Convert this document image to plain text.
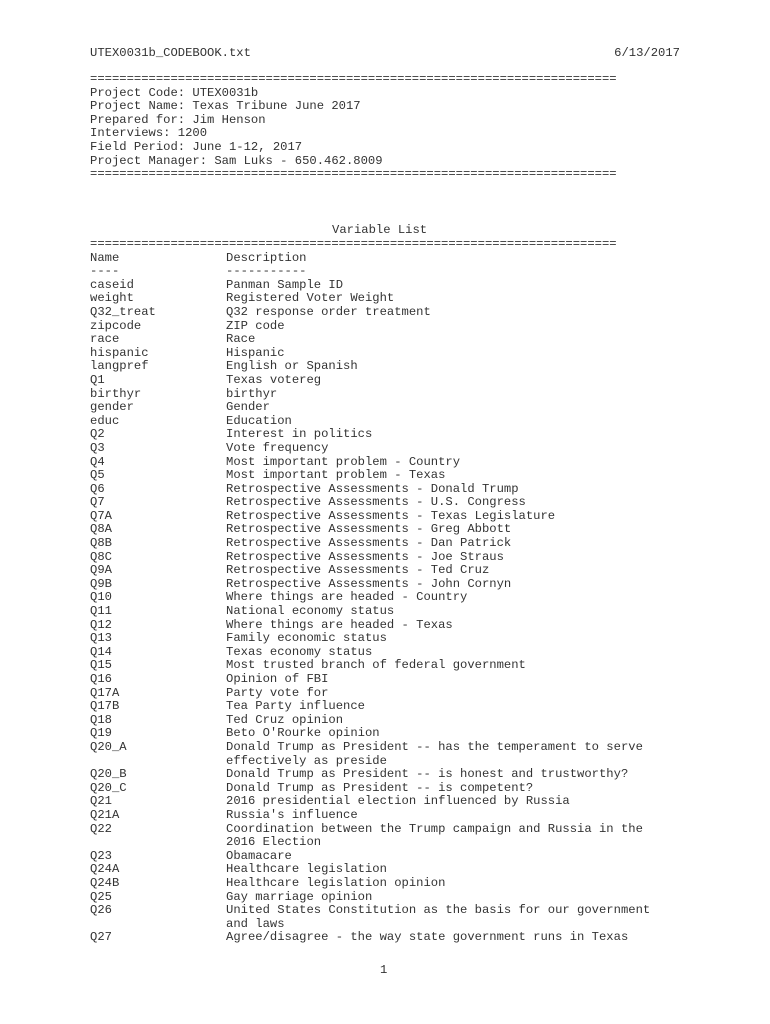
UTEX0031b_CODEBOOK.txt	6/13/2017
========================================================================
Project Code: UTEX0031b
Project Name: Texas Tribune June 2017
Prepared for: Jim Henson
Interviews: 1200
Field Period: June 1-12, 2017
Project Manager: Sam Luks - 650.462.8009
========================================================================
Variable List
========================================================================
Name	Description
----	-----------
caseid	Panman Sample ID
weight	Registered Voter Weight
Q32_treat	Q32 response order treatment
zipcode	ZIP code
race	Race
hispanic	Hispanic
langpref	English or Spanish
Q1	Texas votereg
birthyr	birthyr
gender	Gender
educ	Education
Q2	Interest in politics
Q3	Vote frequency
Q4	Most important problem - Country
Q5	Most important problem - Texas
Q6	Retrospective Assessments - Donald Trump
Q7	Retrospective Assessments - U.S. Congress
Q7A	Retrospective Assessments - Texas Legislature
Q8A	Retrospective Assessments - Greg Abbott
Q8B	Retrospective Assessments - Dan Patrick
Q8C	Retrospective Assessments - Joe Straus
Q9A	Retrospective Assessments - Ted Cruz
Q9B	Retrospective Assessments - John Cornyn
Q10	Where things are headed - Country
Q11	National economy status
Q12	Where things are headed - Texas
Q13	Family economic status
Q14	Texas economy status
Q15	Most trusted branch of federal government
Q16	Opinion of FBI
Q17A	Party vote for
Q17B	Tea Party influence
Q18	Ted Cruz opinion
Q19	Beto O'Rourke opinion
Q20_A	Donald Trump as President -- has the temperament to serve effectively as preside
Q20_B	Donald Trump as President -- is honest and trustworthy?
Q20_C	Donald Trump as President -- is competent?
Q21	2016 presidential election influenced by Russia
Q21A	Russia's influence
Q22	Coordination between the Trump campaign and Russia in the 2016 Election
Q23	Obamacare
Q24A	Healthcare legislation
Q24B	Healthcare legislation opinion
Q25	Gay marriage opinion
Q26	United States Constitution as the basis for our government and laws
Q27	Agree/disagree - the way state government runs in Texas
1
